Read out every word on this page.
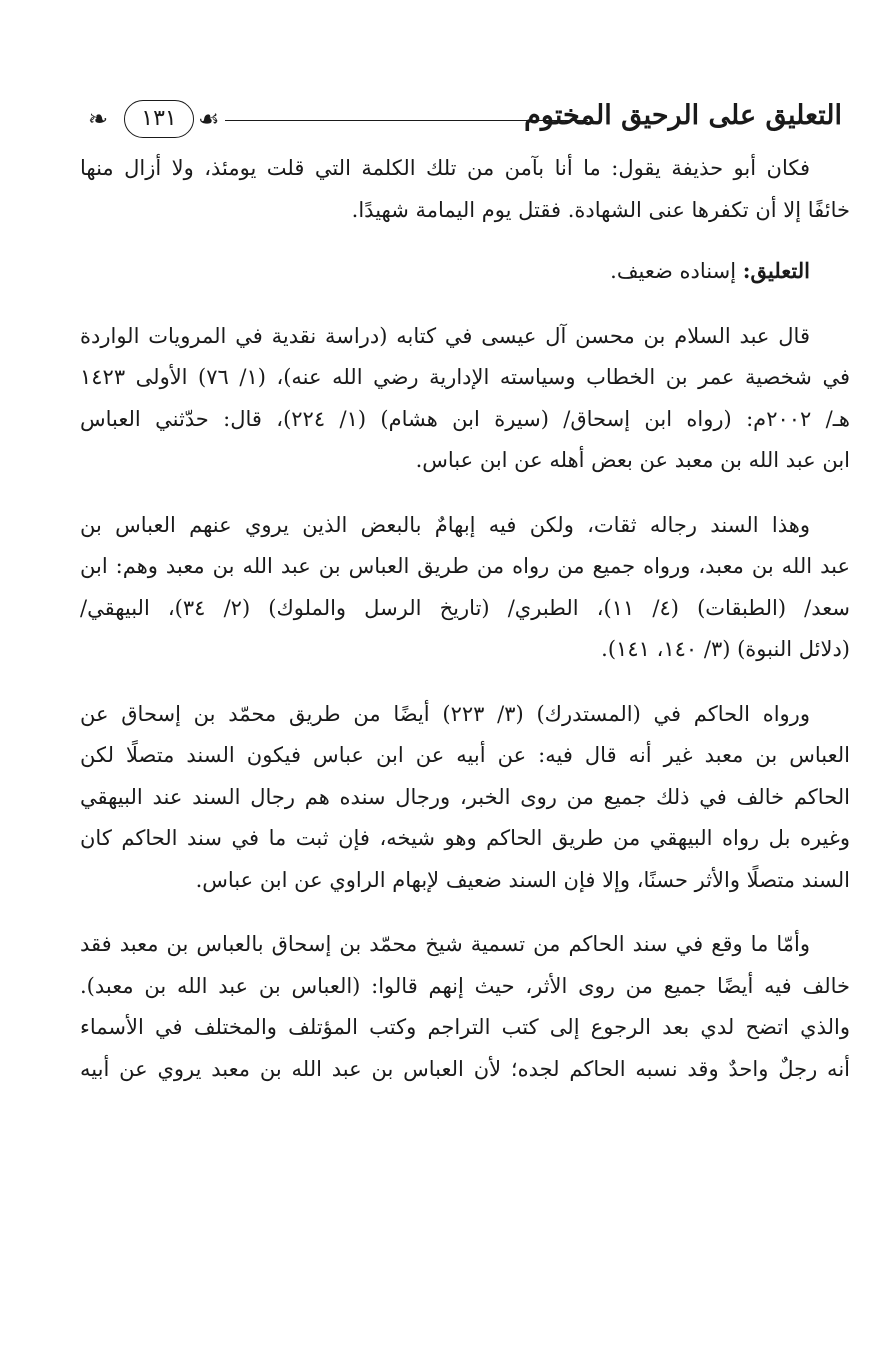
التعليق على الرحيق المختوم
❧	١٣١ ☙

فكان أبو حذيفة يقول: ما أنا بآمن من تلك الكلمة التي قلت يومئذ، ولا أزال منها
خائفًا إلا أن تكفرها عنى الشهادة. فقتل يوم اليمامة شهيدًا.

التعليق: إسناده ضعيف.

قال عبد السلام بن محسن آل عيسى في كتابه (دراسة نقدية في المرويات الواردة
في شخصية عمر بن الخطاب وسياسته الإدارية رضي الله عنه)، (١/ ٧٦) الأولى ١٤٢٣
هـ/ ٢٠٠٢م: (رواه ابن إسحاق/ (سيرة ابن هشام) (١/ ٢٢٤)، قال: حدّثني العباس
ابن عبد الله بن معبد عن بعض أهله عن ابن عباس.

وهذا السند رجاله ثقات، ولكن فيه إبهامٌ بالبعض الذين يروي عنهم العباس بن
عبد الله بن معبد، ورواه جميع من رواه من طريق العباس بن عبد الله بن معبد وهم: ابن
سعد/ (الطبقات) (٤/ ١١)، الطبري/ (تاريخ الرسل والملوك) (٢/ ٣٤)، البيهقي/
(دلائل النبوة) (٣/ ١٤٠، ١٤١).

ورواه الحاكم في (المستدرك) (٣/ ٢٢٣) أيضًا من طريق محمّد بن إسحاق عن
العباس بن معبد غير أنه قال فيه: عن أبيه عن ابن عباس فيكون السند متصلًا لكن
الحاكم خالف في ذلك جميع من روى الخبر، ورجال سنده هم رجال السند عند البيهقي
وغيره بل رواه البيهقي من طريق الحاكم وهو شيخه، فإن ثبت ما في سند الحاكم كان
السند متصلًا والأثر حسنًا، وإلا فإن السند ضعيف لإبهام الراوي عن ابن عباس.

وأمّا ما وقع في سند الحاكم من تسمية شيخ محمّد بن إسحاق بالعباس بن معبد فقد
خالف فيه أيضًا جميع من روى الأثر، حيث إنهم قالوا: (العباس بن عبد الله بن معبد).
والذي اتضح لدي بعد الرجوع إلى كتب التراجم وكتب المؤتلف والمختلف في الأسماء
أنه رجلٌ واحدٌ وقد نسبه الحاكم لجده؛ لأن العباس بن عبد الله بن معبد يروي عن أبيه
